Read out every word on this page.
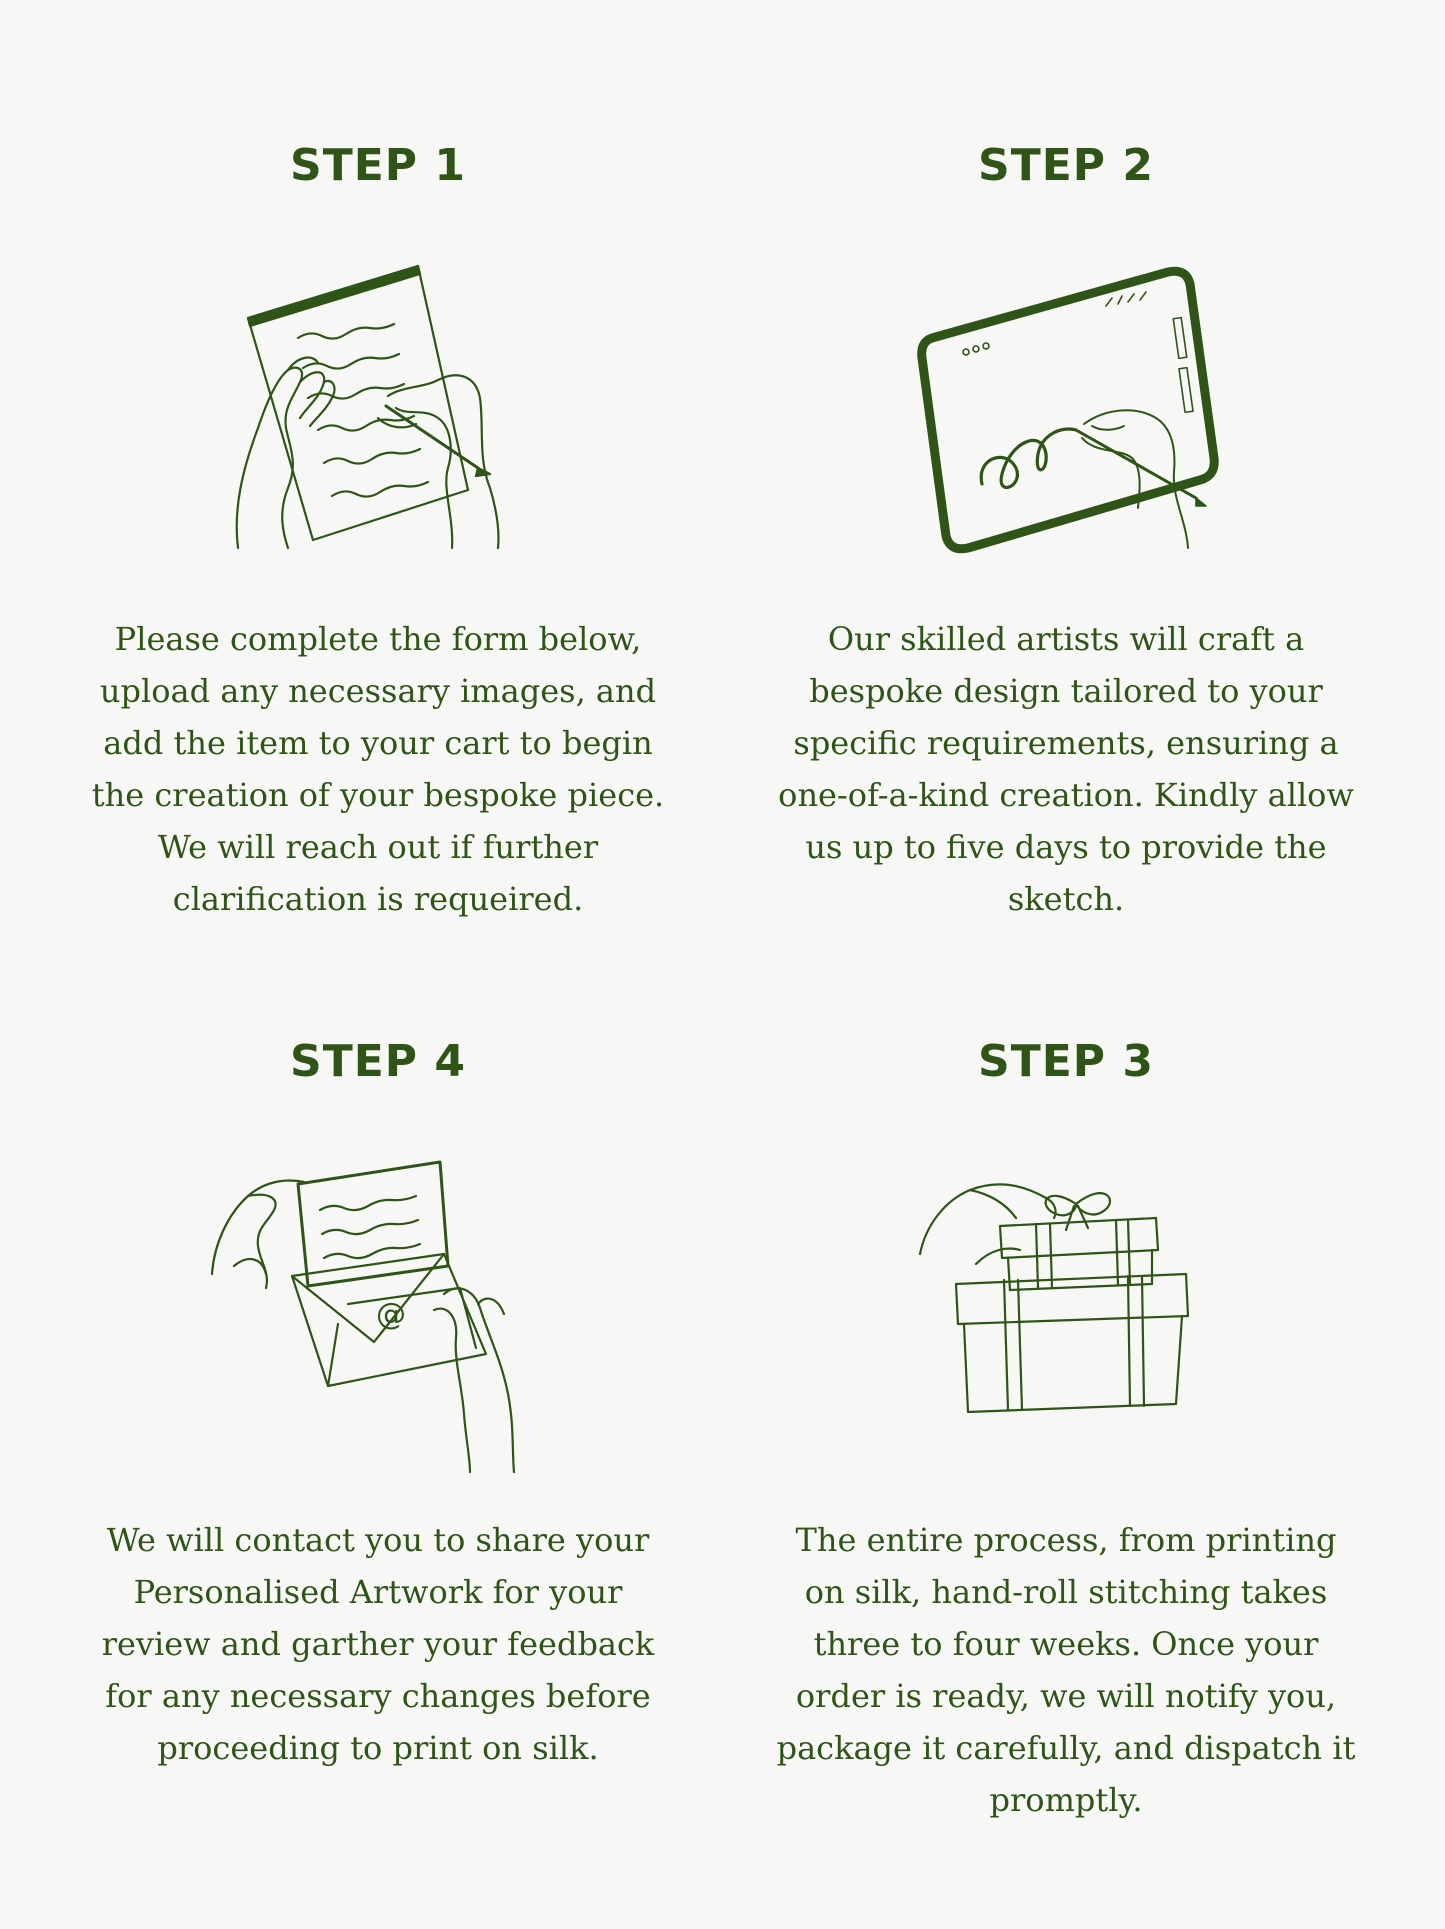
STEP 1

Please complete the form below, upload any necessary images, and add the item to your cart to begin the creation of your bespoke piece. We will reach out if further clarification is requeired.

STEP 2

Our skilled artists will craft a bespoke design tailored to your specific requirements, ensuring a one-of-a-kind creation. Kindly allow us up to five days to provide the sketch.

STEP 4
@

We will contact you to share your Personalised Artwork for your review and garther your feedback for any necessary changes before proceeding to print on silk.

STEP 3

The entire process, from printing on silk, hand-roll stitching takes three to four weeks. Once your order is ready, we will notify you, package it carefully, and dispatch it promptly.
